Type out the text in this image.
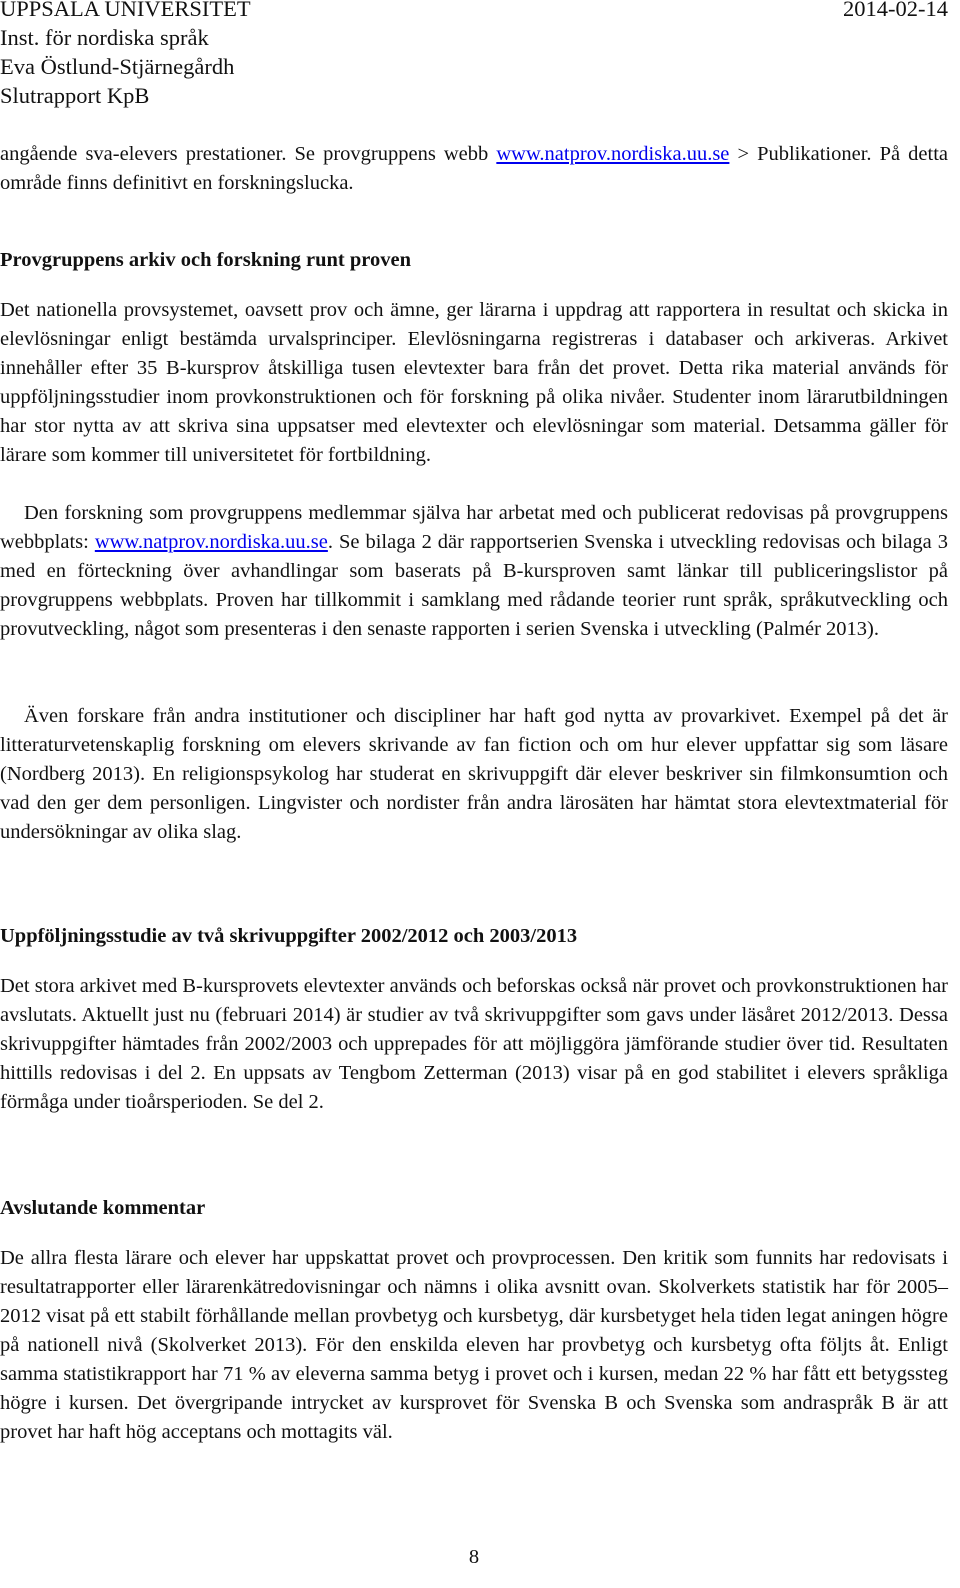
UPPSALA UNIVERSITET	2014-02-14
Inst. för nordiska språk
Eva Östlund-Stjärnegårdh
Slutrapport KpB

angående sva-elevers prestationer. Se provgruppens webb www.natprov.nordiska.uu.se > Publikationer. På detta område finns definitivt en forskningslucka.

Provgruppens arkiv och forskning runt proven

Det nationella provsystemet, oavsett prov och ämne, ger lärarna i uppdrag att rapportera in resultat och skicka in elevlösningar enligt bestämda urvalsprinciper. Elevlösningarna registreras i databaser och arkiveras. Arkivet innehåller efter 35 B-kursprov åtskilliga tusen elevtexter bara från det provet. Detta rika material används för uppföljningsstudier inom provkonstruktionen och för forskning på olika nivåer. Studenter inom lärarutbildningen har stor nytta av att skriva sina uppsatser med elevtexter och elevlösningar som material. Detsamma gäller för lärare som kommer till universitetet för fortbildning.

Den forskning som provgruppens medlemmar själva har arbetat med och publicerat redovisas på provgruppens webbplats: www.natprov.nordiska.uu.se. Se bilaga 2 där rapportserien Svenska i utveckling redovisas och bilaga 3 med en förteckning över avhandlingar som baserats på B-kursproven samt länkar till publiceringslistor på provgruppens webbplats. Proven har tillkommit i samklang med rådande teorier runt språk, språkutveckling och provutveckling, något som presenteras i den senaste rapporten i serien Svenska i utveckling (Palmér 2013).

Även forskare från andra institutioner och discipliner har haft god nytta av provarkivet. Exempel på det är litteraturvetenskaplig forskning om elevers skrivande av fan fiction och om hur elever uppfattar sig som läsare (Nordberg 2013). En religionspsykolog har studerat en skrivuppgift där elever beskriver sin filmkonsumtion och vad den ger dem personligen. Lingvister och nordister från andra lärosäten har hämtat stora elevtextmaterial för undersökningar av olika slag.

Uppföljningsstudie av två skrivuppgifter 2002/2012 och 2003/2013

Det stora arkivet med B-kursprovets elevtexter används och beforskas också när provet och provkonstruktionen har avslutats. Aktuellt just nu (februari 2014) är studier av två skrivuppgifter som gavs under läsåret 2012/2013. Dessa skrivuppgifter hämtades från 2002/2003 och upprepades för att möjliggöra jämförande studier över tid. Resultaten hittills redovisas i del 2. En uppsats av Tengbom Zetterman (2013) visar på en god stabilitet i elevers språkliga förmåga under tioårsperioden. Se del 2.

Avslutande kommentar

De allra flesta lärare och elever har uppskattat provet och provprocessen. Den kritik som funnits har redovisats i resultatrapporter eller lärarenkätredovisningar och nämns i olika avsnitt ovan. Skolverkets statistik har för 2005–2012 visat på ett stabilt förhållande mellan provbetyg och kursbetyg, där kursbetyget hela tiden legat aningen högre på nationell nivå (Skolverket 2013). För den enskilda eleven har provbetyg och kursbetyg ofta följts åt. Enligt samma statistikrapport har 71 % av eleverna samma betyg i provet och i kursen, medan 22 % har fått ett betygssteg högre i kursen. Det övergripande intrycket av kursprovet för Svenska B och Svenska som andraspråk B är att provet har haft hög acceptans och mottagits väl.

8
